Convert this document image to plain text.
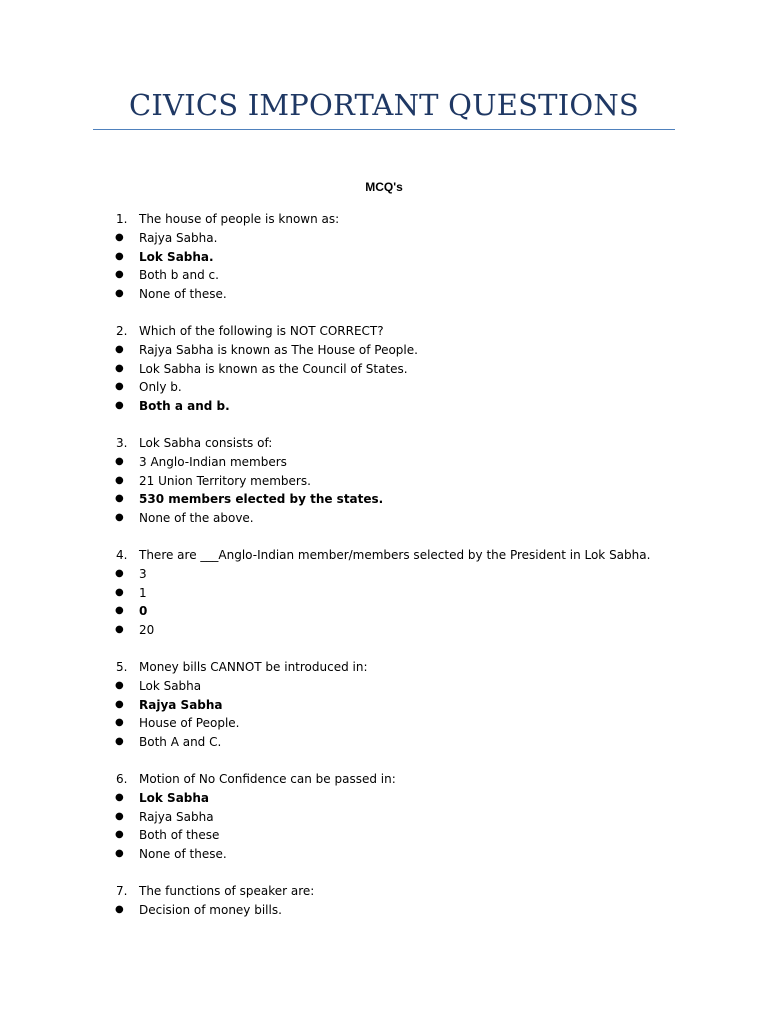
CIVICS IMPORTANT QUESTIONS
MCQ's
1. The house of people is known as:
● Rajya Sabha.
● Lok Sabha.
● Both b and c.
● None of these.
2. Which of the following is NOT CORRECT?
● Rajya Sabha is known as The House of People.
● Lok Sabha is known as the Council of States.
● Only b.
● Both a and b.
3. Lok Sabha consists of:
● 3 Anglo-Indian members
● 21 Union Territory members.
● 530 members elected by the states.
● None of the above.
4. There are ___Anglo-Indian member/members selected by the President in Lok Sabha.
● 3
● 1
● 0
● 20
5. Money bills CANNOT be introduced in:
● Lok Sabha
● Rajya Sabha
● House of People.
● Both A and C.
6. Motion of No Confidence can be passed in:
● Lok Sabha
● Rajya Sabha
● Both of these
● None of these.
7. The functions of speaker are:
● Decision of money bills.
